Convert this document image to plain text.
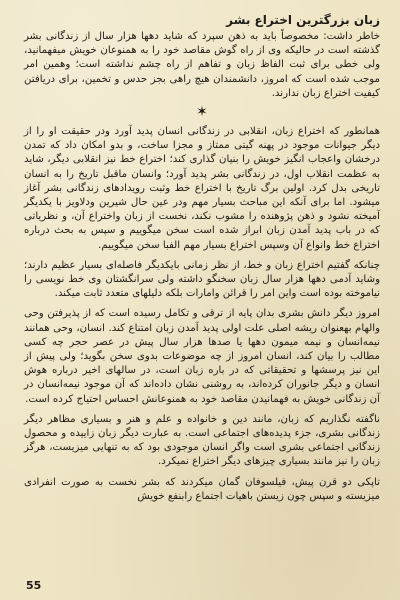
زبان بزرگترین اختراع بشر

خاطر داشت: مخصوصاً باید به ذهن سپرد که شاید دهها هزار سال از زندگانی بشر گذشته است در حالیکه وی از راه گوش مقاصد خود را به همنوعان خویش میفهمانید، ولی خطی برای ثبت الفاظ زبان و تفاهم از راه چشم نداشته است؛ وهمین امر موجب شده است که امروز، دانشمندان هیچ راهی بجز حدس و تخمین، برای دریافتن کیفیت اختراع زبان ندارند.

✶

همانطور که اختراع زبان، انقلابی در زندگانی انسان پدید آورد ودر حقیقت او را از دیگر جیوانات موجود در پهنه گیتی ممتاز و مجزا ساخت، و بدو امکان داد که تمدن درخشان واعجاب انگیز خویش را بنیان گذاری کند؛ اختراع خط نیز انقلابی دیگر، شاید به عظمت انقلاب اول، در زندگانی بشر پدید آورد؛ وانسان ماقبل تاریخ را به انسان تاریخی بدل کرد. اولین برگ تاریخ با اختراع خط وثبت رویدادهای زندگانی بشر آغاز میشود. اما برای آنکه این مباحث بسیار مهم ودر عین حال شیرین ودلاویز با یکدیگر آمیخته نشود و ذهن پژوهنده را مشوب نکند، نخست از زبان واختراع آن، و نظریاتی که در باب پدید آمدن زبان ابراز شده است سخن میگوییم و سپس به بحث درباره اختراع خط وانواع آن وسپس اختراع بسیار مهم الفبا سخن میگوییم.

چنانکه گفتیم اختراع زبان و خط، از نظر زمانی بایکدیگر فاصله‌ای بسیار عظیم دارند؛ وشاید آدمی دهها هزار سال زبان سخنگو داشته ولی سرانگشتان وی خط نویسی را نیاموخته بوده است واین امر را قرائن وامارات بلکه دلیلهای متعدد ثابت میکند.

امروز دیگر دانش بشری بدان پایه از ترقی و تکامل رسیده است که از پذیرفتن وحی والهام بهعنوان ریشه اصلی علت اولی پدید آمدن زبان امتناع کند. انسان، وحی همانند نیمه‌انسان و نیمه میمون دهها یا صدها هزار سال پیش در عصر حجر چه کسی مطالب را بیان کند، انسان امروز از چه موضوعات بدوی سخن بگوید؛ ولی پیش از این نیز پرسشها و تحقیقاتی که در باره زبان است، در سالهای اخیر درباره هوش انسان و دیگر جانوران کرده‌اند، به روشنی نشان داده‌اند که آن موجود نیمه‌انسان در آن زندگانی خویش به فهمانیدن مقاصد خود به همنوعانش احساس احتیاج کرده است.

ناگفته نگذاریم که زبان، مانند دین و خانواده و علم و هنر و بسیاری مظاهر دیگر زندگانی بشری، جزء پدیده‌های اجتماعی است. به عبارت دیگر زبان زاییده و محصول زندگانی اجتماعی بشری است واگر انسان موجودی بود که به تنهایی میزیست، هرگز زبان را نیز مانند بسیاری چیزهای دیگر اختراع نمیکرد.

تاپکی دو قرن پیش، فیلسوفان گمان میکردند که بشر نخست به صورت انفرادی میزیسته و سپس چون زیستن باهیات اجتماع رابنفع خویش

55
